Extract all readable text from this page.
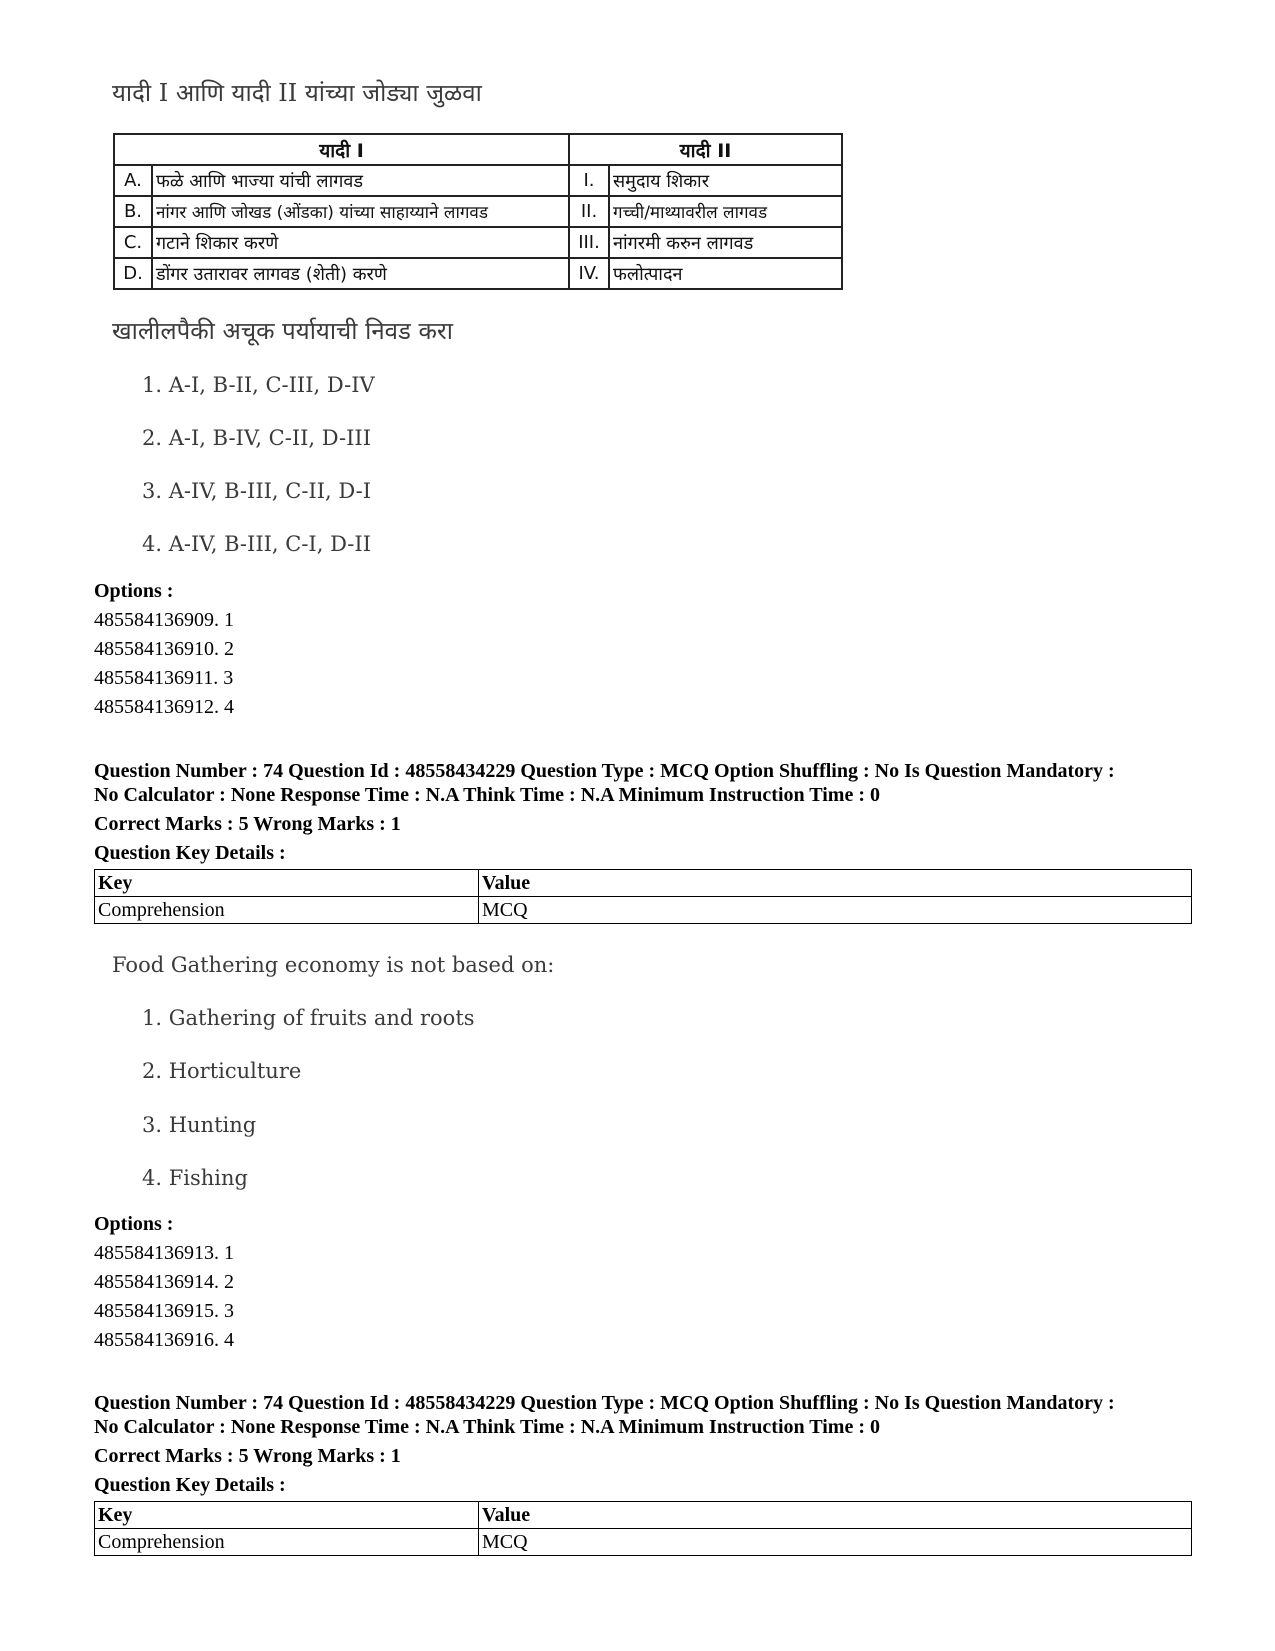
यादी I आणि यादी II यांच्या जोड्या जुळवा
यादी I		यादी II	
A.	फळे आणि भाज्या यांची लागवड	I.	समुदाय शिकार
B.	नांगर आणि जोखड (ओंडका) यांच्या साहाय्याने लागवड	II.	गच्ची/माथ्यावरील लागवड
C.	गटाने शिकार करणे	III.	नांगरमी करुन लागवड
D.	डोंगर उतारावर लागवड (शेती) करणे	IV.	फलोत्पादन
खालीलपैकी अचूक पर्यायाची निवड करा
1. A-I, B-II, C-III, D-IV
2. A-I, B-IV, C-II, D-III
3. A-IV, B-III, C-II, D-I
4. A-IV, B-III, C-I, D-II
Options :
485584136909. 1
485584136910. 2
485584136911. 3
485584136912. 4
Question Number : 74 Question Id : 48558434229 Question Type : MCQ Option Shuffling : No Is Question Mandatory :
No Calculator : None Response Time : N.A Think Time : N.A Minimum Instruction Time : 0
Correct Marks : 5 Wrong Marks : 1
Question Key Details :
Key	Value
Comprehension	MCQ
Food Gathering economy is not based on:
1. Gathering of fruits and roots
2. Horticulture
3. Hunting
4. Fishing
Options :
485584136913. 1
485584136914. 2
485584136915. 3
485584136916. 4
Question Number : 74 Question Id : 48558434229 Question Type : MCQ Option Shuffling : No Is Question Mandatory :
No Calculator : None Response Time : N.A Think Time : N.A Minimum Instruction Time : 0
Correct Marks : 5 Wrong Marks : 1
Question Key Details :
Key	Value
Comprehension	MCQ
